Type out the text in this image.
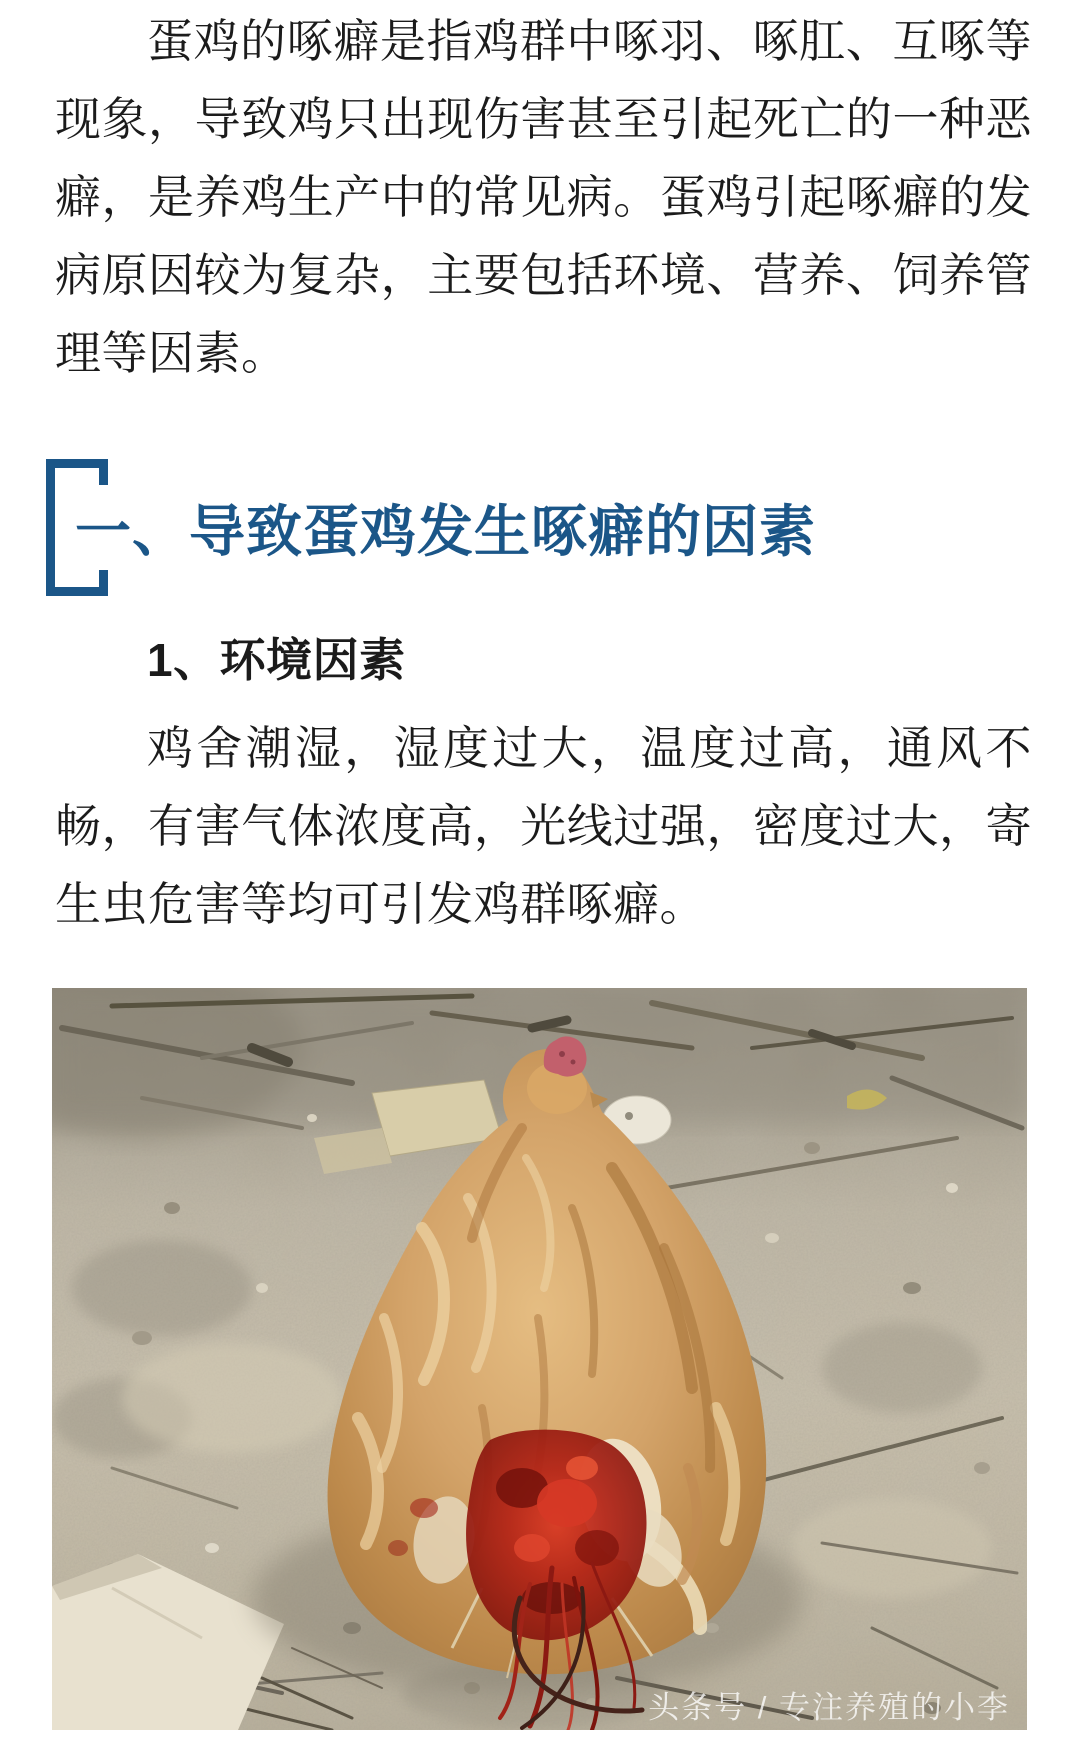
蛋鸡的啄癖是指鸡群中啄羽、啄肛、互啄等现象，导致鸡只出现伤害甚至引起死亡的一种恶癖，是养鸡生产中的常见病。蛋鸡引起啄癖的发病原因较为复杂，主要包括环境、营养、饲养管理等因素。

一、导致蛋鸡发生啄癖的因素
1、环境因素

鸡舍潮湿，湿度过大，温度过高，通风不畅，有害气体浓度高，光线过强，密度过大，寄生虫危害等均可引发鸡群啄癖。

头条号 / 专注养殖的小李
